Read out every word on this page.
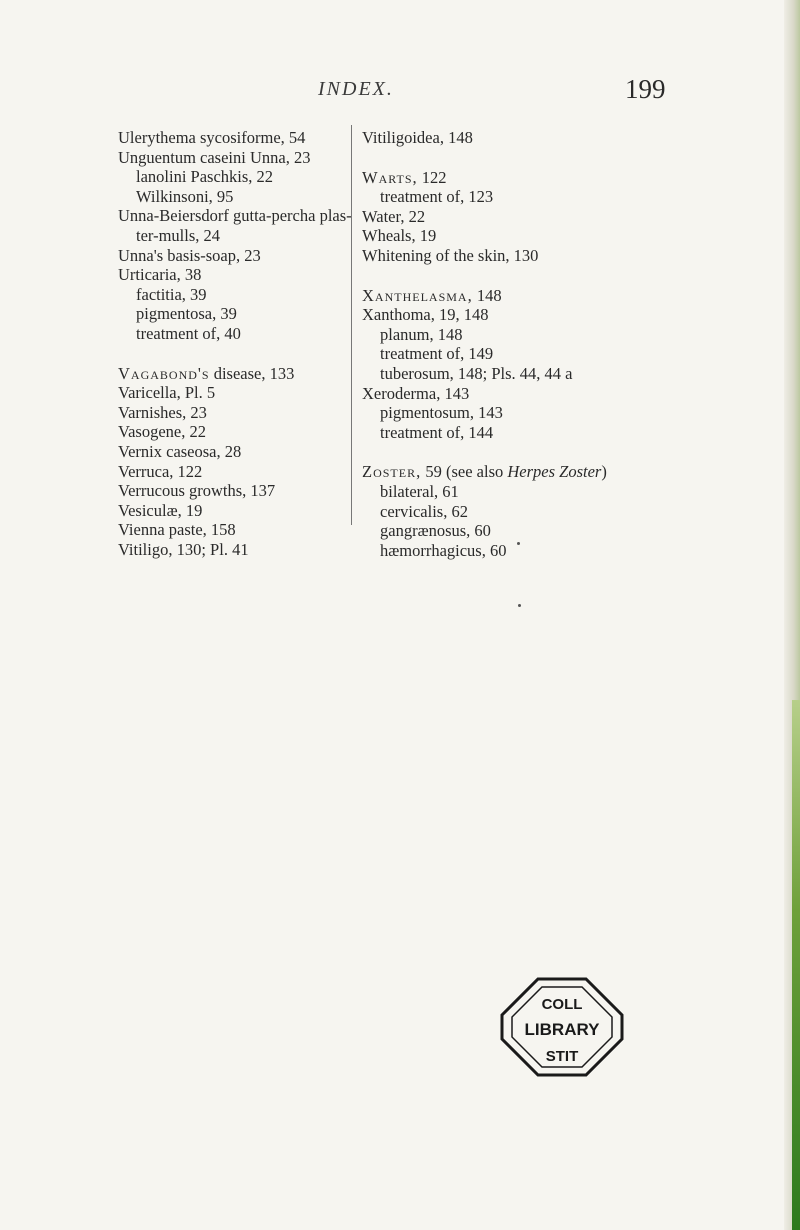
INDEX.	199
Ulerythema sycosiforme, 54
Unguentum caseini Unna, 23
lanolini Paschkis, 22
Wilkinsoni, 95
Unna-Beiersdorf gutta-percha plas-
ter-mulls, 24
Unna's basis-soap, 23
Urticaria, 38
factitia, 39
pigmentosa, 39
treatment of, 40
Vagabond's disease, 133
Varicella, Pl. 5
Varnishes, 23
Vasogene, 22
Vernix caseosa, 28
Verruca, 122
Verrucous growths, 137
Vesiculæ, 19
Vienna paste, 158
Vitiligo, 130; Pl. 41
Vitiligoidea, 148
Warts, 122
treatment of, 123
Water, 22
Wheals, 19
Whitening of the skin, 130
Xanthelasma, 148
Xanthoma, 19, 148
planum, 148
treatment of, 149
tuberosum, 148; Pls. 44, 44 a
Xeroderma, 143
pigmentosum, 143
treatment of, 144
Zoster, 59 (see also Herpes Zoster)
bilateral, 61
cervicalis, 62
gangrænosus, 60
hæmorrhagicus, 60
COLL
LIBRARY
STIT
